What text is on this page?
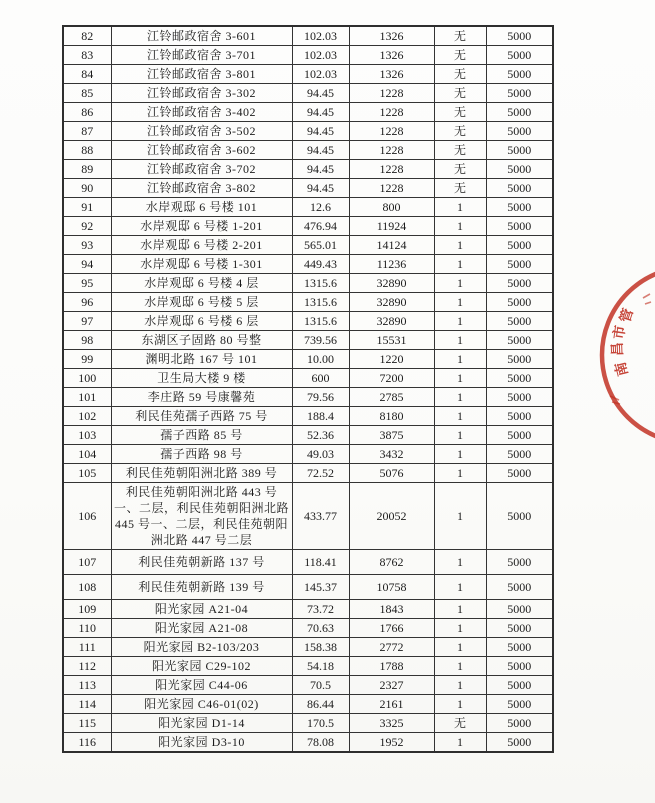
82	江铃邮政宿舍 3-601	102.03	1326	无	5000
83	江铃邮政宿舍 3-701	102.03	1326	无	5000
84	江铃邮政宿舍 3-801	102.03	1326	无	5000
85	江铃邮政宿舍 3-302	94.45	1228	无	5000
86	江铃邮政宿舍 3-402	94.45	1228	无	5000
87	江铃邮政宿舍 3-502	94.45	1228	无	5000
88	江铃邮政宿舍 3-602	94.45	1228	无	5000
89	江铃邮政宿舍 3-702	94.45	1228	无	5000
90	江铃邮政宿舍 3-802	94.45	1228	无	5000
91	水岸观邸 6 号楼 101	12.6	800	1	5000
92	水岸观邸 6 号楼 1-201	476.94	11924	1	5000
93	水岸观邸 6 号楼 2-201	565.01	14124	1	5000
94	水岸观邸 6 号楼 1-301	449.43	11236	1	5000
95	水岸观邸 6 号楼 4 层	1315.6	32890	1	5000
96	水岸观邸 6 号楼 5 层	1315.6	32890	1	5000
97	水岸观邸 6 号楼 6 层	1315.6	32890	1	5000
98	东湖区子固路 80 号整	739.56	15531	1	5000
99	渊明北路 167 号 101	10.00	1220	1	5000
100	卫生局大楼 9 楼	600	7200	1	5000
101	李庄路 59 号康馨苑	79.56	2785	1	5000
102	利民佳苑孺子西路 75 号	188.4	8180	1	5000
103	孺子西路 85 号	52.36	3875	1	5000
104	孺子西路 98 号	49.03	3432	1	5000
105	利民佳苑朝阳洲北路 389 号	72.52	5076	1	5000
106	利民佳苑朝阳洲北路 443 号一、二层，利民佳苑朝阳洲北路 445 号一、二层，利民佳苑朝阳洲北路 447 号二层	433.77	20052	1	5000
107	利民佳苑朝新路 137 号	118.41	8762	1	5000
108	利民佳苑朝新路 139 号	145.37	10758	1	5000
109	阳光家园 A21-04	73.72	1843	1	5000
110	阳光家园 A21-08	70.63	1766	1	5000
111	阳光家园 B2-103/203	158.38	2772	1	5000
112	阳光家园 C29-102	54.18	1788	1	5000
113	阳光家园 C44-06	70.5	2327	1	5000
114	阳光家园 C46-01(02)	86.44	2161	1	5000
115	阳光家园 D1-14	170.5	3325	无	5000
116	阳光家园 D3-10	78.08	1952	1	5000
管
市
昌
南
